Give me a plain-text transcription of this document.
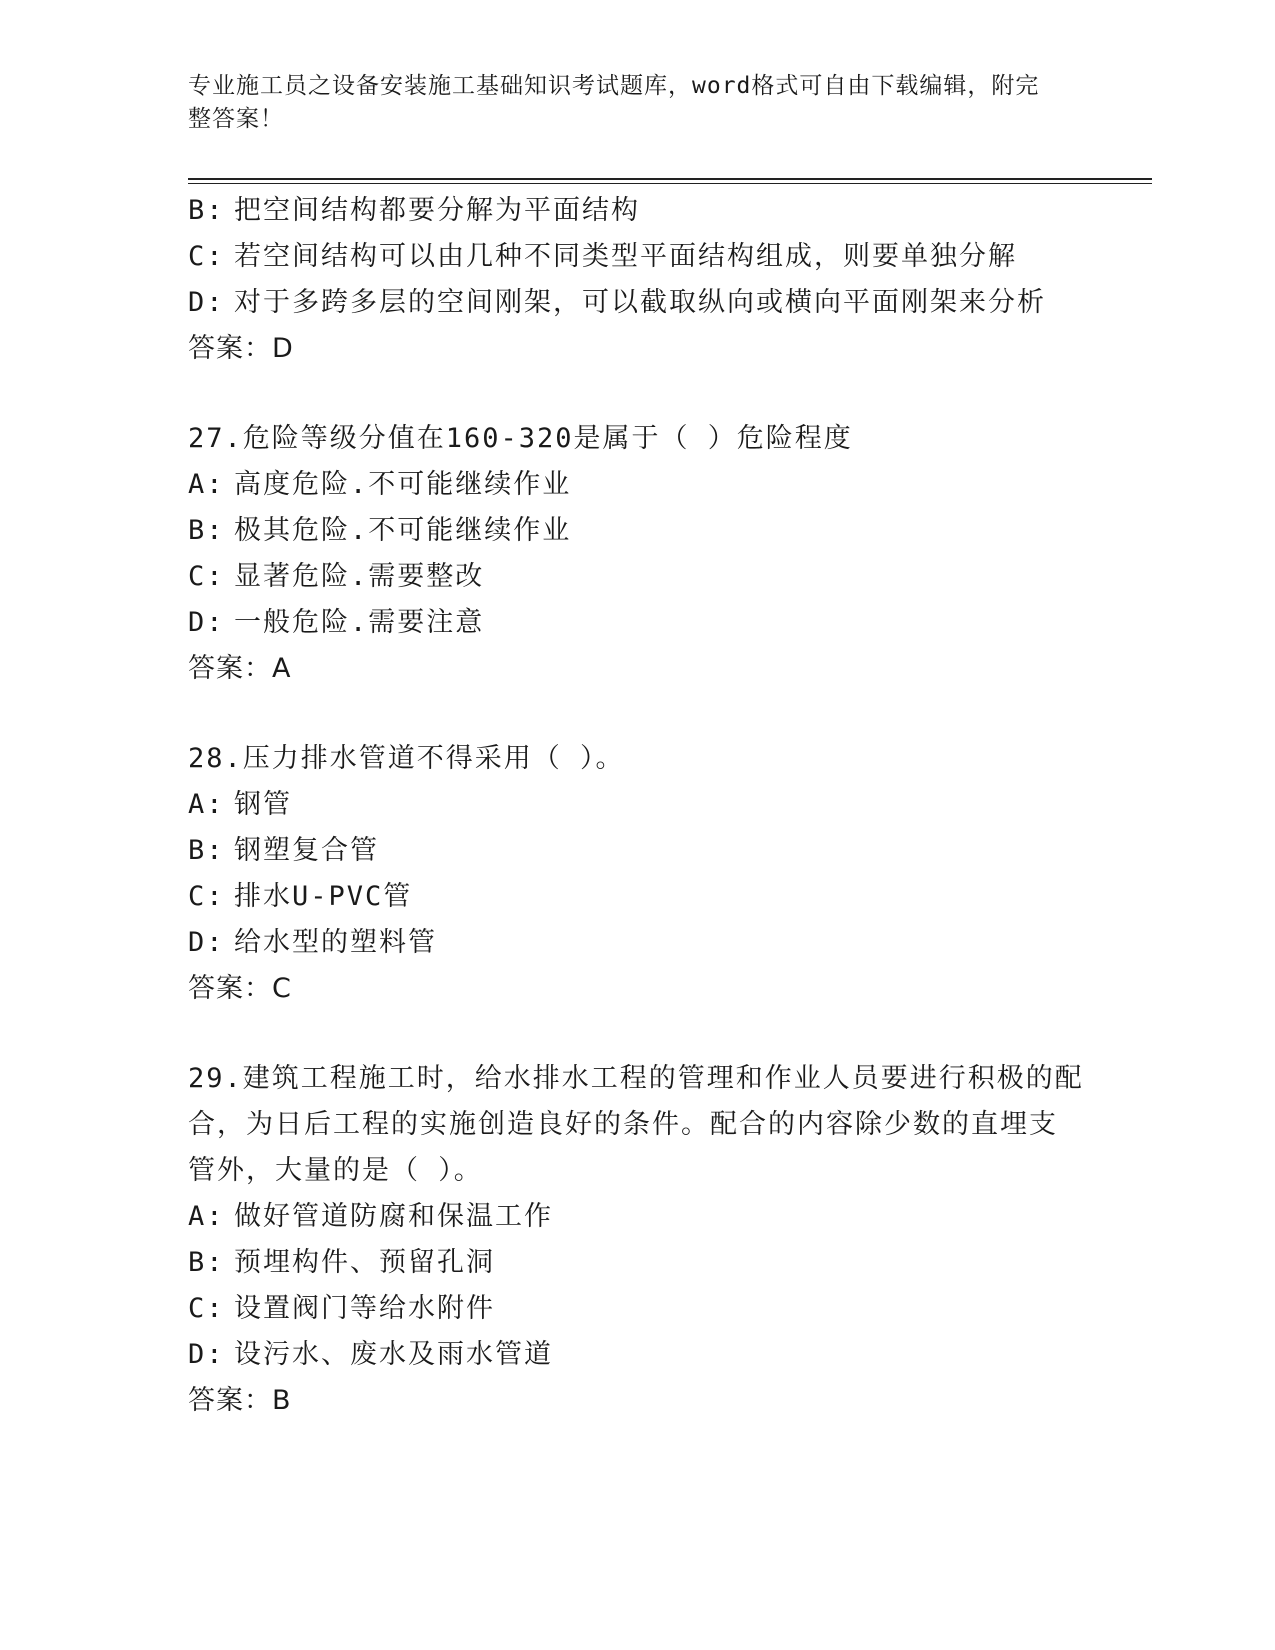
专业施工员之设备安装施工基础知识考试题库，word格式可自由下载编辑，附完
整答案！
B: 把空间结构都要分解为平面结构
C: 若空间结构可以由几种不同类型平面结构组成，则要单独分解
D: 对于多跨多层的空间刚架，可以截取纵向或横向平面刚架来分析
答案：D
27.危险等级分值在160-320是属于（ ）危险程度
A: 高度危险.不可能继续作业
B: 极其危险.不可能继续作业
C: 显著危险.需要整改
D: 一般危险.需要注意
答案：A
28.压力排水管道不得采用（ ）。
A: 钢管
B: 钢塑复合管
C: 排水U-PVC管
D: 给水型的塑料管
答案：C
29.建筑工程施工时，给水排水工程的管理和作业人员要进行积极的配
合，为日后工程的实施创造良好的条件。配合的内容除少数的直埋支
管外，大量的是（ ）。
A: 做好管道防腐和保温工作
B: 预埋构件、预留孔洞
C: 设置阀门等给水附件
D: 设污水、废水及雨水管道
答案：B
